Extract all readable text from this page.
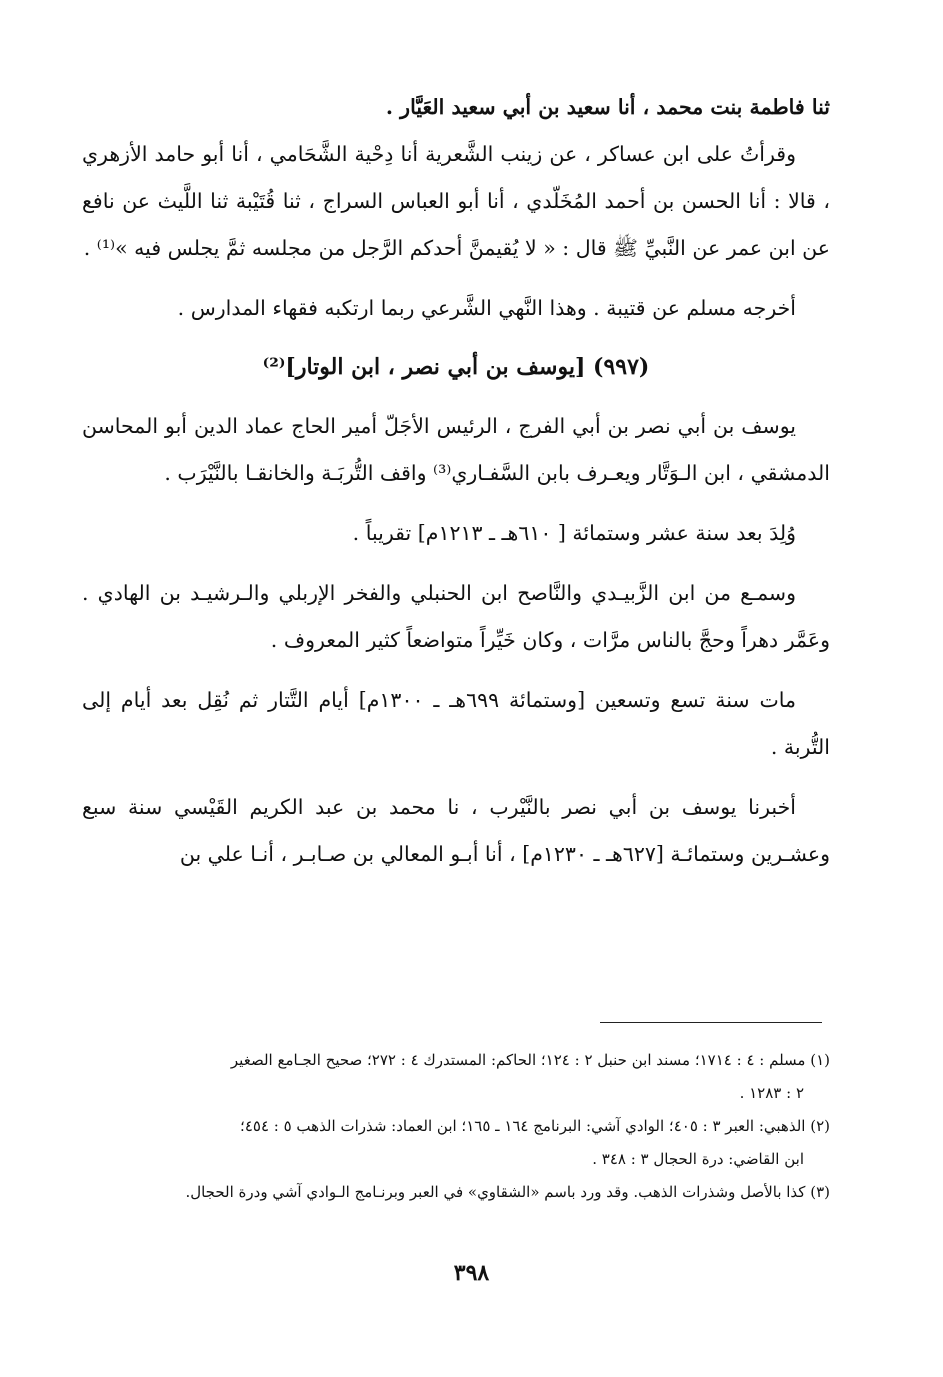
ثنا فاطمة بنت محمد ، أنا سعيد بن أبي سعيد العَيَّار .

وقرأتُ على ابن عساكر ، عن زينب الشَّعرية أنا دِحْية الشَّحَامي ، أنا أبو حامد الأزهري ، قالا : أنا الحسن بن أحمد المُخَلّدي ، أنا أبو العباس السراج ، ثنا قُتَيْبة ثنا اللَّيث عن نافع عن ابن عمر عن النَّبيِّ ﷺ قال : « لا يُقيمنَّ أحدكم الرَّجل من مجلسه ثمَّ يجلس فيه »⁽¹⁾ .

أخرجه مسلم عن قتيبة . وهذا النَّهي الشَّرعي ربما ارتكبه فقهاء المدارس .

(٩٩٧) [يوسف بن أبي نصر ، ابن الوتار]⁽²⁾

يوسف بن أبي نصر بن أبي الفرج ، الرئيس الأجَلّ أمير الحاج عماد الدين أبو المحاسن الدمشقي ، ابن الـوَتَّار ويعـرف بابن السَّفـاري⁽³⁾ واقف التُّربَـة والخانقـا بالنَّيْرَب .

وُلِدَ بعد سنة عشر وستمائة [ ٦١٠هـ ـ ١٢١٣م] تقريباً .

وسمـع من ابن الزَّبيـدي والنَّاصح ابن الحنبلي والفخر الإربلي والـرشيـد بن الهادي . وعَمَّر دهراً وحجَّ بالناس مرَّات ، وكان خَيِّراً متواضعاً كثير المعروف .

مات سنة تسع وتسعين [وستمائة ٦٩٩هـ ـ ١٣٠٠م] أيام التَّتار ثم نُقِل بعد أيام إلى التُّربة .

أخبرنا يوسف بن أبي نصر بالنَّيْرب ، نا محمد بن عبد الكريم القَيْسي سنة سبع وعشـرين وستمائـة [٦٢٧هـ ـ ١٢٣٠م] ، أنا أبـو المعالي بن صـابـر ، أنـا علي بن

(١) مسلم : ٤ : ١٧١٤؛ مسند ابن حنبل ٢ : ١٢٤؛ الحاكم: المستدرك ٤ : ٢٧٢؛ صحيح الجـامع الصغير

٢ : ١٢٨٣ .

(٢) الذهبي: العبر ٣ : ٤٠٥؛ الوادي آشي: البرنامج ١٦٤ ـ ١٦٥؛ ابن العماد: شذرات الذهب ٥ : ٤٥٤؛

ابن القاضي: درة الحجال ٣ : ٣٤٨ .

(٣) كذا بالأصل وشذرات الذهب. وقد ورد باسم «الشقاوي» في العبر وبرنـامج الـوادي آشي ودرة الحجال.

٣٩٨
